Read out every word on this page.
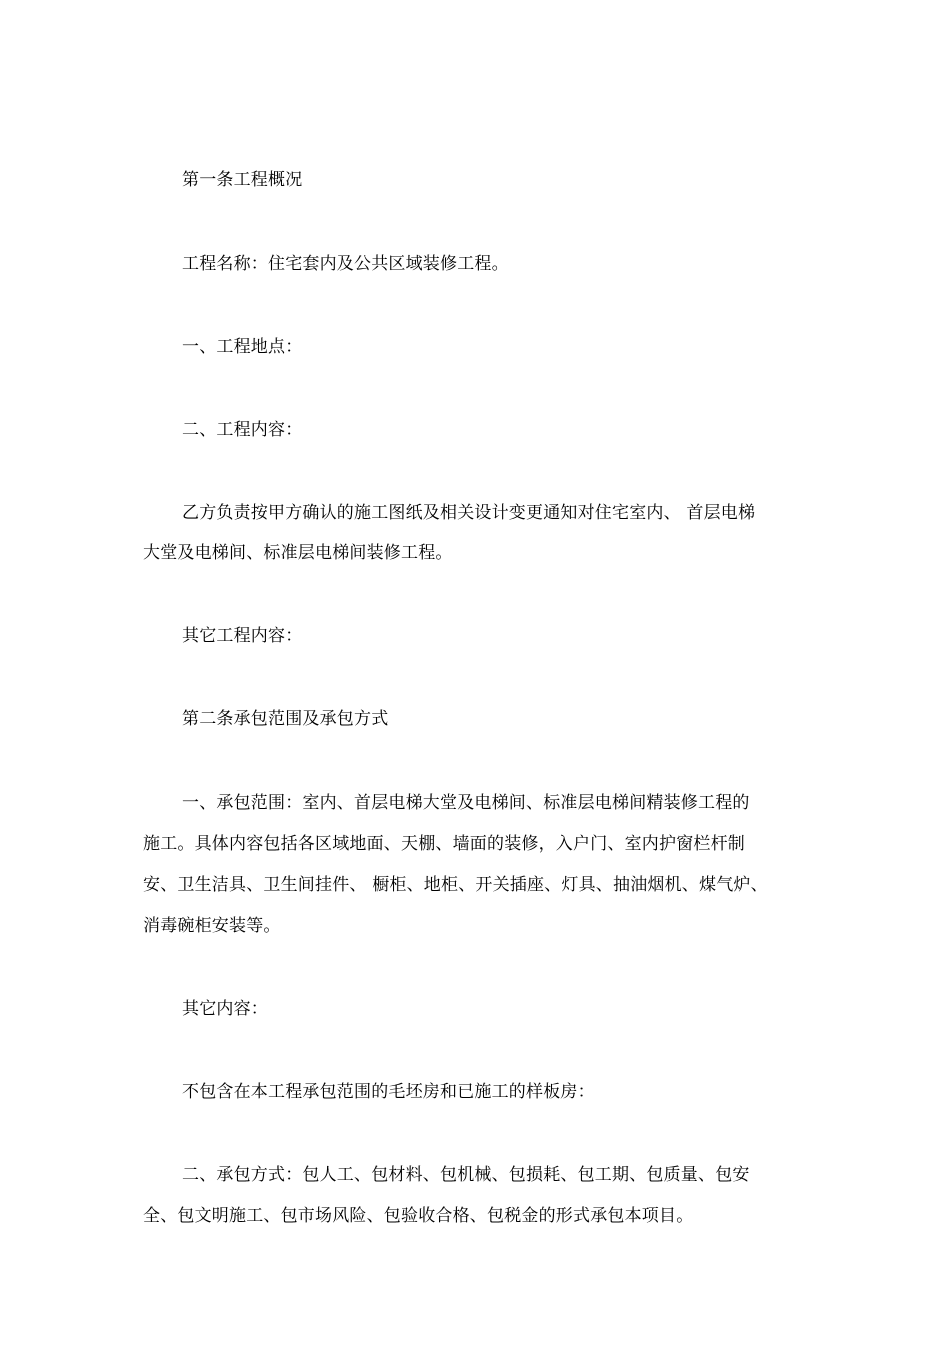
第一条工程概况
工程名称：住宅套内及公共区域装修工程。
一、工程地点：
二、工程内容：
乙方负责按甲方确认的施工图纸及相关设计变更通知对住宅室内、 首层电梯
大堂及电梯间、标准层电梯间装修工程。
其它工程内容：
第二条承包范围及承包方式
一、承包范围：室内、首层电梯大堂及电梯间、标准层电梯间精装修工程的
施工。具体内容包括各区域地面、天棚、墙面的装修，入户门、室内护窗栏杆制
安、卫生洁具、卫生间挂件、 橱柜、地柜、开关插座、灯具、抽油烟机、煤气炉、
消毒碗柜安装等。
其它内容：
不包含在本工程承包范围的毛坯房和已施工的样板房：
二、承包方式：包人工、包材料、包机械、包损耗、包工期、包质量、包安
全、包文明施工、包市场风险、包验收合格、包税金的形式承包本项目。
